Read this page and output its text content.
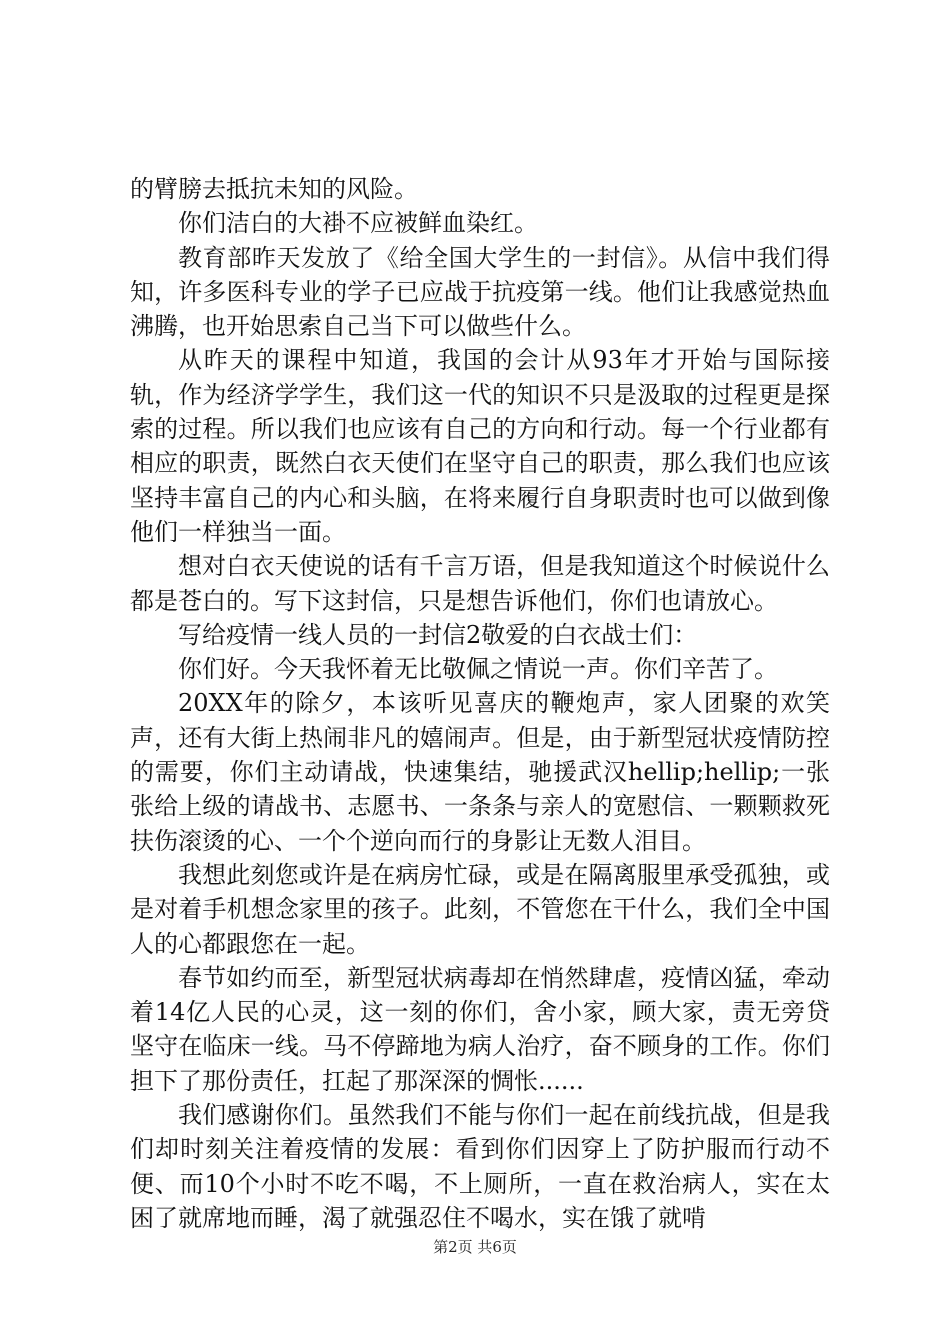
的臂膀去抵抗未知的风险。

你们洁白的大褂不应被鲜血染红。

教育部昨天发放了《给全国大学生的一封信》。从信中我们得知，许多医科专业的学子已应战于抗疫第一线。他们让我感觉热血沸腾，也开始思索自己当下可以做些什么。

从昨天的课程中知道，我国的会计从93年才开始与国际接轨，作为经济学学生，我们这一代的知识不只是汲取的过程更是探索的过程。所以我们也应该有自己的方向和行动。每一个行业都有相应的职责，既然白衣天使们在坚守自己的职责，那么我们也应该坚持丰富自己的内心和头脑，在将来履行自身职责时也可以做到像他们一样独当一面。

想对白衣天使说的话有千言万语，但是我知道这个时候说什么都是苍白的。写下这封信，只是想告诉他们，你们也请放心。

写给疫情一线人员的一封信2敬爱的白衣战士们：

你们好。今天我怀着无比敬佩之情说一声。你们辛苦了。

20XX年的除夕，本该听见喜庆的鞭炮声，家人团聚的欢笑声，还有大街上热闹非凡的嬉闹声。但是，由于新型冠状疫情防控的需要，你们主动请战，快速集结，驰援武汉hellip;hellip;一张张给上级的请战书、志愿书、一条条与亲人的宽慰信、一颗颗救死扶伤滚烫的心、一个个逆向而行的身影让无数人泪目。

我想此刻您或许是在病房忙碌，或是在隔离服里承受孤独，或是对着手机想念家里的孩子。此刻，不管您在干什么，我们全中国人的心都跟您在一起。

春节如约而至，新型冠状病毒却在悄然肆虐，疫情凶猛，牵动着14亿人民的心灵，这一刻的你们，舍小家，顾大家，责无旁贷坚守在临床一线。马不停蹄地为病人治疗，奋不顾身的工作。你们担下了那份责任，扛起了那深深的惆怅......

我们感谢你们。虽然我们不能与你们一起在前线抗战，但是我们却时刻关注着疫情的发展：看到你们因穿上了防护服而行动不便、而10个小时不吃不喝，不上厕所，一直在救治病人，实在太困了就席地而睡，渴了就强忍住不喝水，实在饿了就啃

第2页 共6页
